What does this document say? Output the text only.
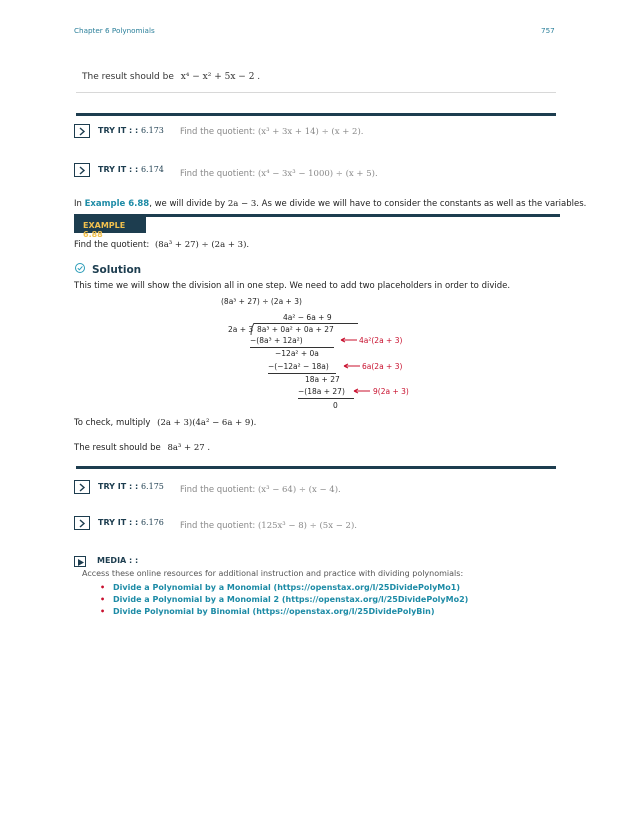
Chapter 6 Polynomials	757
The result should be x⁴ − x² + 5x − 2 .
TRY IT : : 6.173 Find the quotient: (x³ + 3x + 14) ÷ (x + 2).
TRY IT : : 6.174 Find the quotient: (x⁴ − 3x³ − 1000) ÷ (x + 5).
In Example 6.88, we will divide by 2a − 3. As we divide we will have to consider the constants as well as the variables.
EXAMPLE 6.88
Find the quotient: (8a³ + 27) ÷ (2a + 3).
Solution
This time we will show the division all in one step. We need to add two placeholders in order to divide.
(8a³ + 27) ÷ (2a + 3)
4a² − 6a + 9
2a + 3 8a³ + 0a² + 0a + 27
−(8a³ + 12a²)	4a²(2a + 3)
−12a² + 0a
−(−12a² − 18a)	6a(2a + 3)
18a + 27
−(18a + 27)	9(2a + 3)
0
To check, multiply (2a + 3)(4a² − 6a + 9).
The result should be 8a³ + 27 .
TRY IT : : 6.175 Find the quotient: (x³ − 64) ÷ (x − 4).
TRY IT : : 6.176 Find the quotient: (125x³ − 8) ÷ (5x − 2).
MEDIA : :
Access these online resources for additional instruction and practice with dividing polynomials:
• Divide a Polynomial by a Monomial (https://openstax.org/l/25DividePolyMo1)
• Divide a Polynomial by a Monomial 2 (https://openstax.org/l/25DividePolyMo2)
• Divide Polynomial by Binomial (https://openstax.org/l/25DividePolyBin)
